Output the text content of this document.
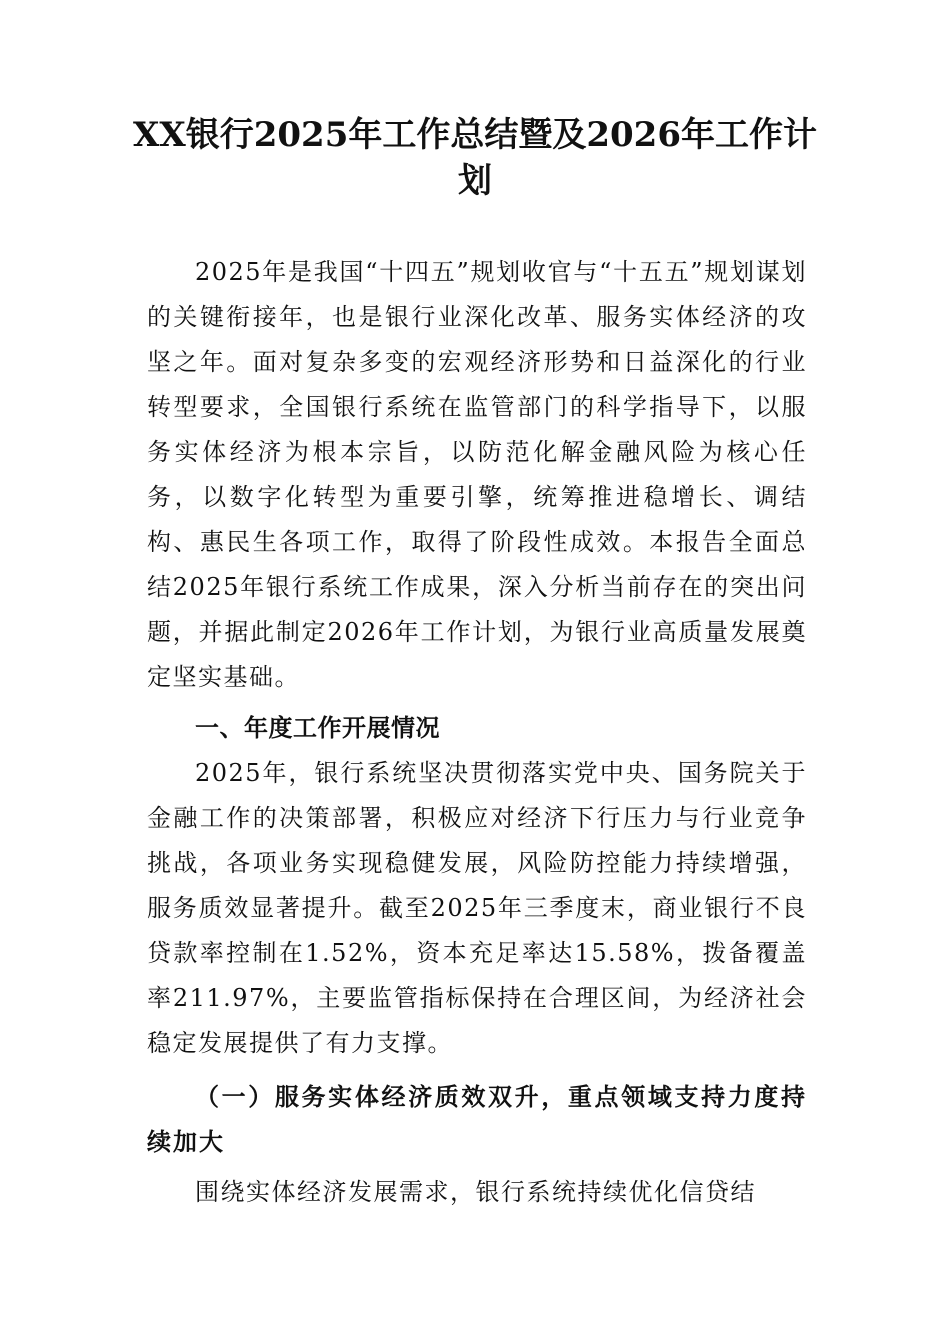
XX银行2025年工作总结暨及2026年工作计划

2025年是我国“十四五”规划收官与“十五五”规划谋划的关键衔接年，也是银行业深化改革、服务实体经济的攻坚之年。面对复杂多变的宏观经济形势和日益深化的行业转型要求，全国银行系统在监管部门的科学指导下，以服务实体经济为根本宗旨，以防范化解金融风险为核心任务，以数字化转型为重要引擎，统筹推进稳增长、调结构、惠民生各项工作，取得了阶段性成效。本报告全面总结2025年银行系统工作成果，深入分析当前存在的突出问题，并据此制定2026年工作计划，为银行业高质量发展奠定坚实基础。

一、年度工作开展情况

2025年，银行系统坚决贯彻落实党中央、国务院关于金融工作的决策部署，积极应对经济下行压力与行业竞争挑战，各项业务实现稳健发展，风险防控能力持续增强，服务质效显著提升。截至2025年三季度末，商业银行不良贷款率控制在1.52%，资本充足率达15.58%，拨备覆盖率211.97%，主要监管指标保持在合理区间，为经济社会稳定发展提供了有力支撑。

（一）服务实体经济质效双升，重点领域支持力度持续加大

围绕实体经济发展需求，银行系统持续优化信贷结
